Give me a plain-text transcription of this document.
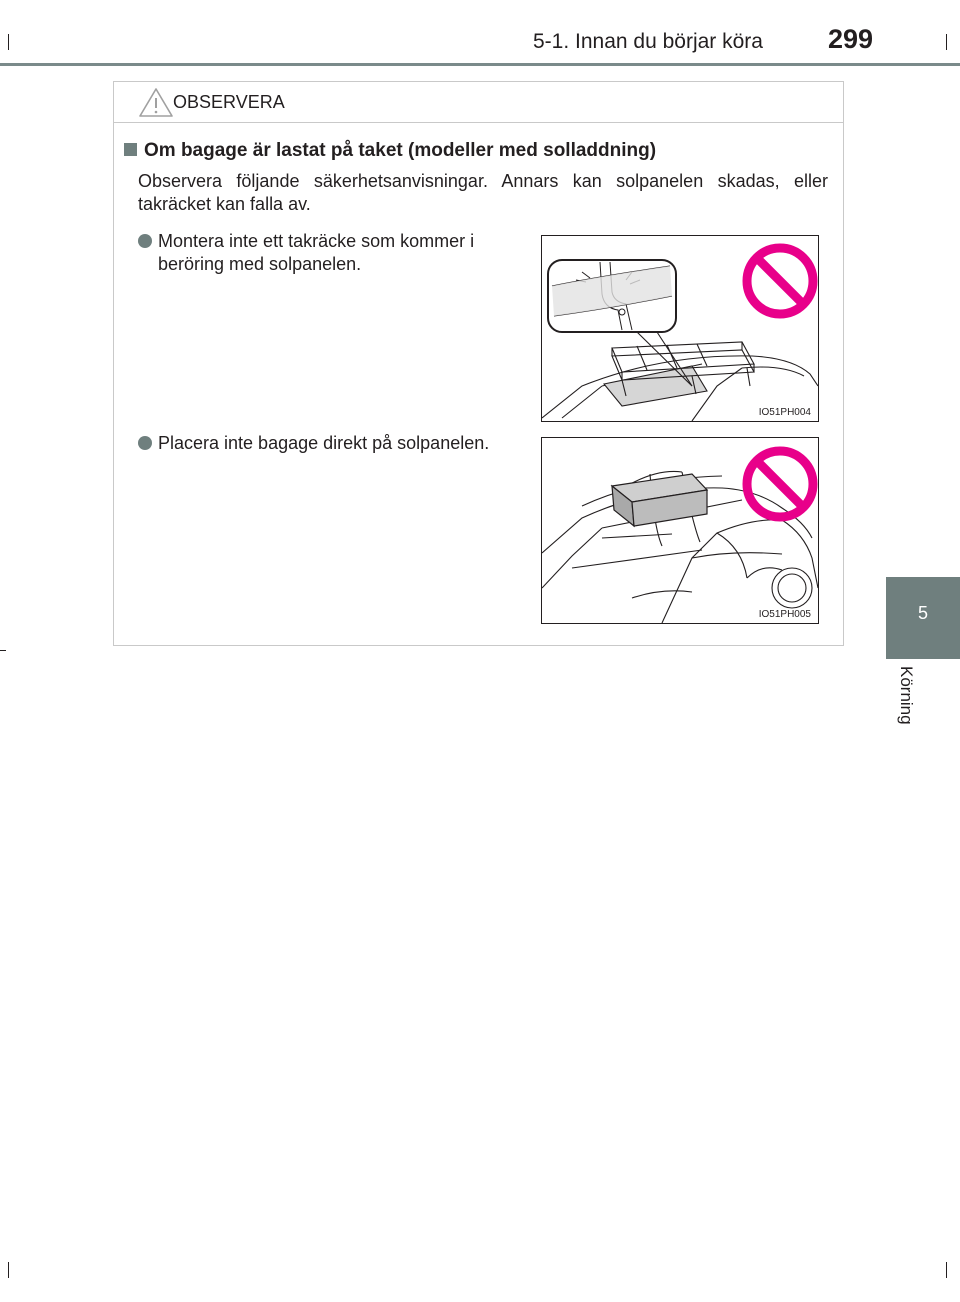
5-1. Innan du börjar köra 299
5
Körning
OBSERVERA
Om bagage är lastat på taket (modeller med solladdning)
Observera följande säkerhetsanvisningar. Annars kan solpanelen skadas, eller takräcket kan falla av.
Montera inte ett takräcke som kommer i beröring med solpanelen.
Placera inte bagage direkt på solpanelen.
IO51PH004
IO51PH005
